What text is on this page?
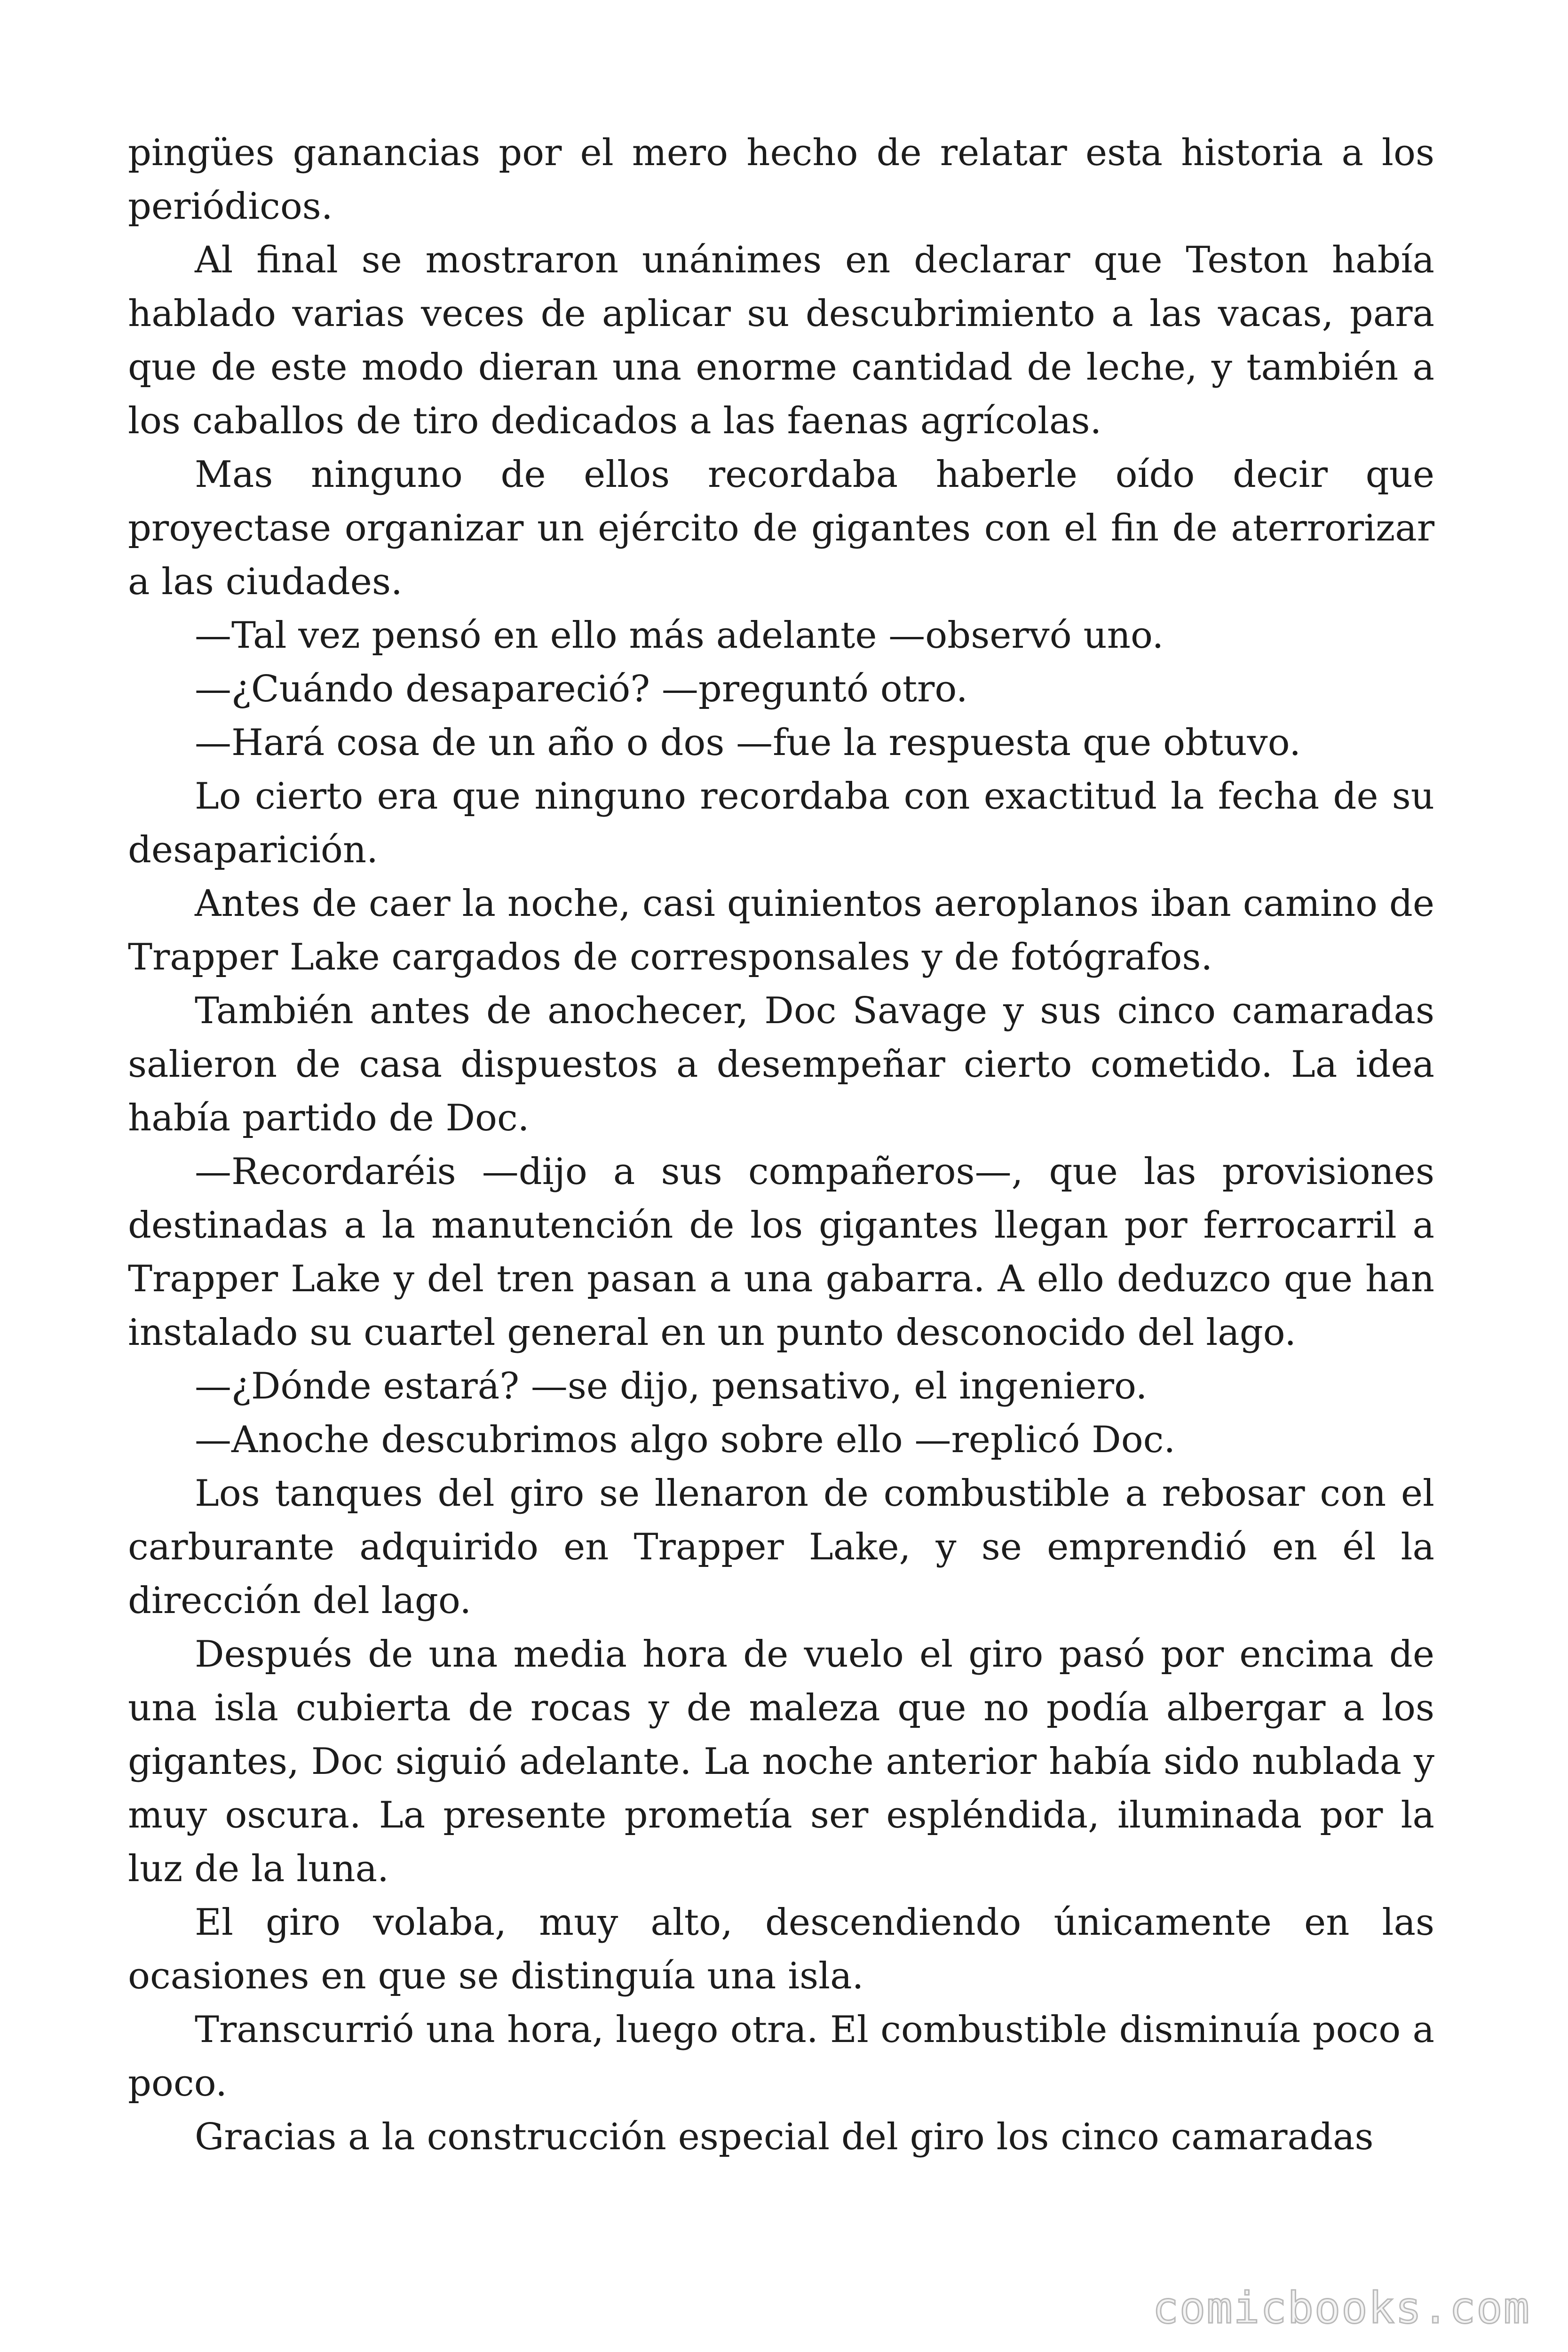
pingües ganancias por el mero hecho de relatar esta historia a los periódicos.

Al final se mostraron unánimes en declarar que Teston había hablado varias veces de aplicar su descubrimiento a las vacas, para que de este modo dieran una enorme cantidad de leche, y también a los caballos de tiro dedicados a las faenas agrícolas.

Mas ninguno de ellos recordaba haberle oído decir que proyectase organizar un ejército de gigantes con el fin de aterrorizar a las ciudades.

—Tal vez pensó en ello más adelante —observó uno.

—¿Cuándo desapareció? —preguntó otro.

—Hará cosa de un año o dos —fue la respuesta que obtuvo.

Lo cierto era que ninguno recordaba con exactitud la fecha de su desaparición.

Antes de caer la noche, casi quinientos aeroplanos iban camino de Trapper Lake cargados de corresponsales y de fotógrafos.

También antes de anochecer, Doc Savage y sus cinco camaradas salieron de casa dispuestos a desempeñar cierto cometido. La idea había partido de Doc.

—Recordaréis —dijo a sus compañeros—, que las provisiones destinadas a la manutención de los gigantes llegan por ferrocarril a Trapper Lake y del tren pasan a una gabarra. A ello deduzco que han instalado su cuartel general en un punto desconocido del lago.

—¿Dónde estará? —se dijo, pensativo, el ingeniero.

—Anoche descubrimos algo sobre ello —replicó Doc.

Los tanques del giro se llenaron de combustible a rebosar con el carburante adquirido en Trapper Lake, y se emprendió en él la dirección del lago.

Después de una media hora de vuelo el giro pasó por encima de una isla cubierta de rocas y de maleza que no podía albergar a los gigantes, Doc siguió adelante. La noche anterior había sido nublada y muy oscura. La presente prometía ser espléndida, iluminada por la luz de la luna.

El giro volaba, muy alto, descendiendo únicamente en las ocasiones en que se distinguía una isla.

Transcurrió una hora, luego otra. El combustible disminuía poco a poco.

Gracias a la construcción especial del giro los cinco camaradas

comicbooks.com
